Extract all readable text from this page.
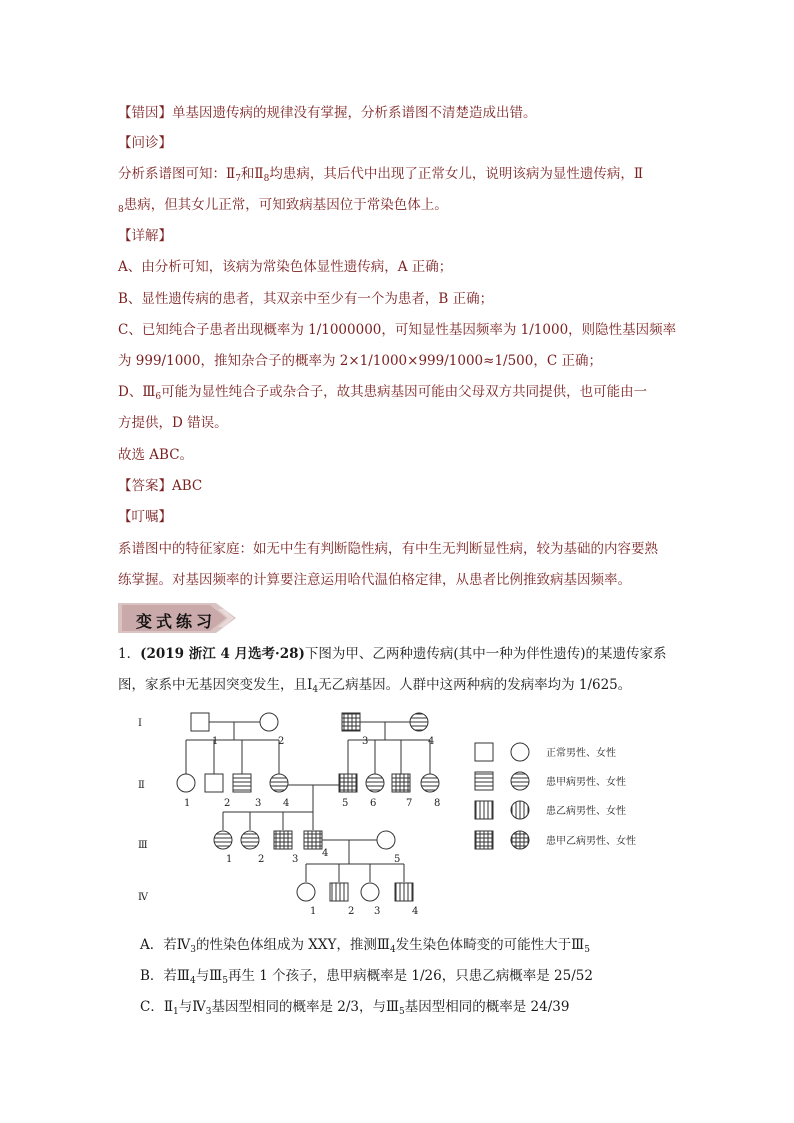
【错因】单基因遗传病的规律没有掌握，分析系谱图不清楚造成出错。
【问诊】
分析系谱图可知：$Ⅱ_7$和$Ⅱ_8$均患病，其后代中出现了正常女儿，说明该病为显性遗传病，Ⅱ
$_8$患病，但其女儿正常，可知致病基因位于常染色体上。
【详解】
A、由分析可知，该病为常染色体显性遗传病，A 正确；
B、显性遗传病的患者，其双亲中至少有一个为患者，B 正确；
C、已知纯合子患者出现概率为 1/1000000，可知显性基因频率为 1/1000，则隐性基因频率
为 999/1000，推知杂合子的概率为 2×1/1000×999/1000≈1/500，C 正确；
D、$Ⅲ_6$可能为显性纯合子或杂合子，故其患病基因可能由父母双方共同提供，也可能由一
方提供，D 错误。
故选 ABC。
【答案】ABC
【叮嘱】
系谱图中的特征家庭：如无中生有判断隐性病，有中生无判断显性病，较为基础的内容要熟
练掌握。对基因频率的计算要注意运用哈代温伯格定律，从患者比例推致病基因频率。
变式练习
1．(2019 浙江 4 月选考·28)下图为甲、乙两种遗传病(其中一种为伴性遗传)的某遗传家系
图，家系中无基因突变发生，且$Ⅰ_4$无乙病基因。人群中这两种病的发病率均为 1/625。
Ⅰ
Ⅱ
Ⅲ
Ⅳ
1	2	3	4
1	2 3 4	5 6	7 8
1	2	3
4
5
1	2 3	4
正常男性、女性
患甲病男性、女性
患乙病男性、女性
患甲乙病男性、女性
A．若$Ⅳ_3$的性染色体组成为 XXY，推测$Ⅲ_4$发生染色体畸变的可能性大于$Ⅲ_5$
B．若$Ⅲ_4$与$Ⅲ_5$再生 1 个孩子，患甲病概率是 1/26，只患乙病概率是 25/52
C．$Ⅱ_1$与$Ⅳ_3$基因型相同的概率是 2/3，与$Ⅲ_5$基因型相同的概率是 24/39
